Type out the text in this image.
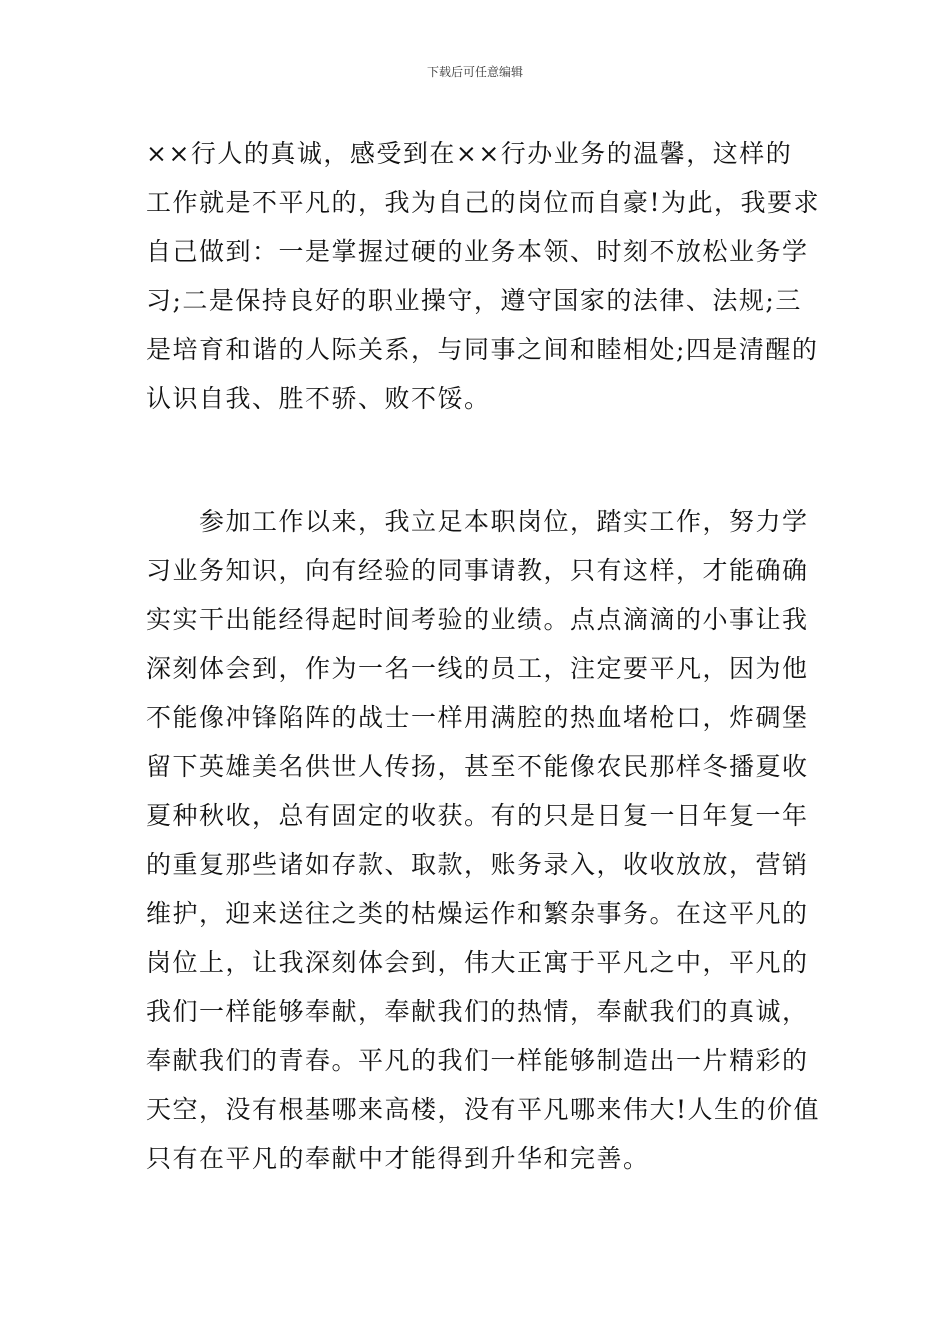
下载后可任意编辑

××行人的真诚，感受到在××行办业务的温馨，这样的
工作就是不平凡的，我为自己的岗位而自豪!为此，我要求
自己做到：一是掌握过硬的业务本领、时刻不放松业务学
习;二是保持良好的职业操守，遵守国家的法律、法规;三
是培育和谐的人际关系，与同事之间和睦相处;四是清醒的
认识自我、胜不骄、败不馁。

　　参加工作以来，我立足本职岗位，踏实工作，努力学
习业务知识，向有经验的同事请教，只有这样，才能确确
实实干出能经得起时间考验的业绩。点点滴滴的小事让我
深刻体会到，作为一名一线的员工，注定要平凡，因为他
不能像冲锋陷阵的战士一样用满腔的热血堵枪口，炸碉堡
留下英雄美名供世人传扬，甚至不能像农民那样冬播夏收
夏种秋收，总有固定的收获。有的只是日复一日年复一年
的重复那些诸如存款、取款，账务录入，收收放放，营销
维护，迎来送往之类的枯燥运作和繁杂事务。在这平凡的
岗位上，让我深刻体会到，伟大正寓于平凡之中，平凡的
我们一样能够奉献，奉献我们的热情，奉献我们的真诚，
奉献我们的青春。平凡的我们一样能够制造出一片精彩的
天空，没有根基哪来高楼，没有平凡哪来伟大!人生的价值
只有在平凡的奉献中才能得到升华和完善。
